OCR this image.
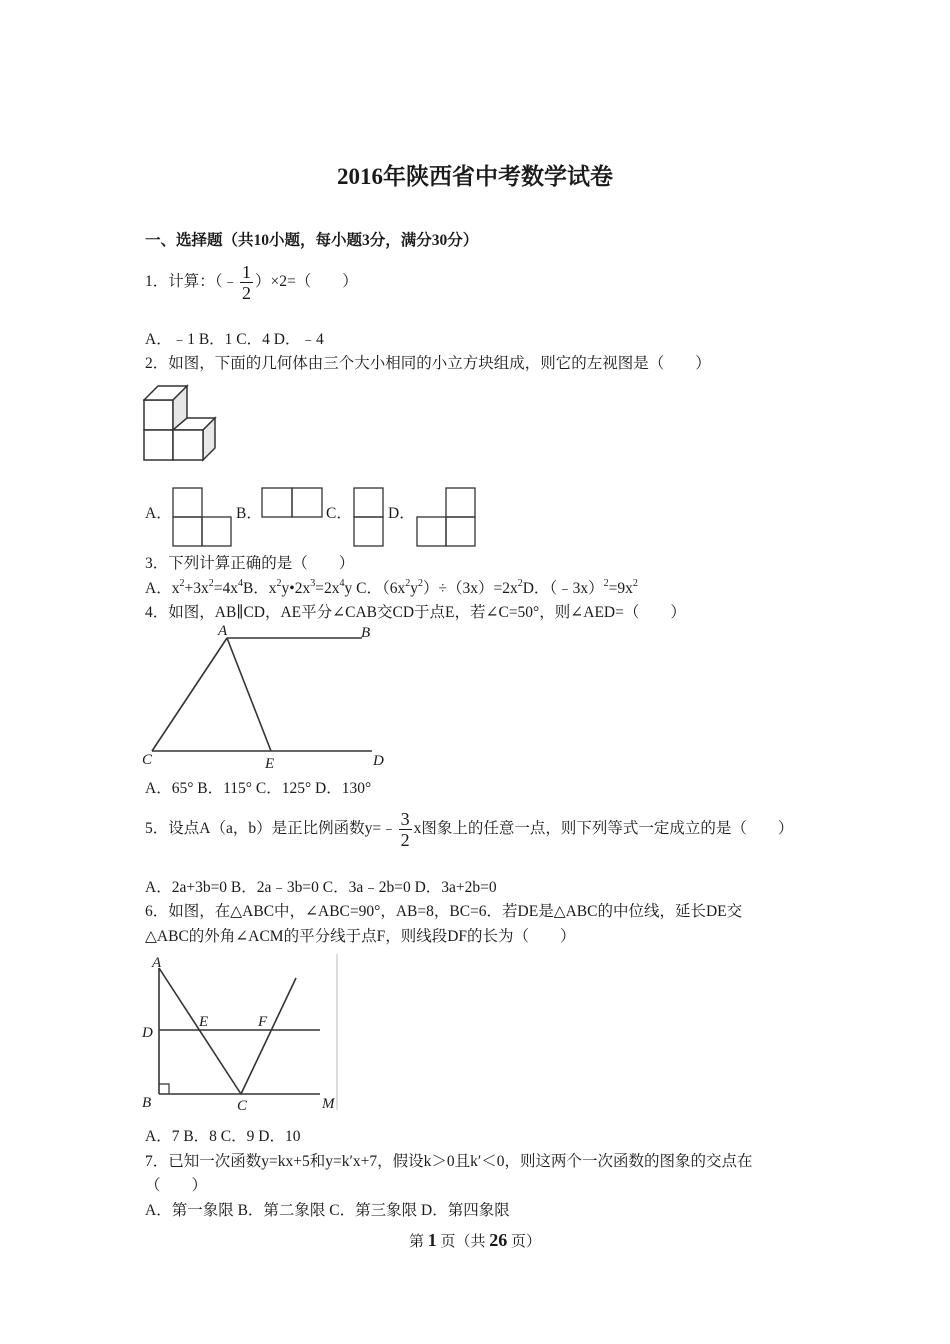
2016年陕西省中考数学试卷
一、选择题（共10小题，每小题3分，满分30分）
1．计算：（﹣ $\frac{1}{2} )\times 2=$（　　）
A．﹣1 B．1 C．4 D．﹣4
2．如图，下面的几何体由三个大小相同的小立方块组成，则它的左视图是（　　）
A．	B．	C． D．
3．下列计算正确的是（　　）
A．$x^2+3x^2=4x^4B$．$x^2y•2x^3=2x^4y$ C．$(6x^2y^2)\div(3x)=2x^2D$．$(﹣3x)^2=9x^2$
4．如图，AB∥CD，AE平分∠CAB交CD于点E，若∠C=50°，则∠AED=（　　）
A	B
C	D
E
A．65° B．115° C．125° D．130°
5．设点A（a，b）是正比例函数y=﹣ $\frac{3}{2}$ x图象上的任意一点，则下列等式一定成立的是（　　）
A．2a+3b=0 B．2a﹣3b=0 C．3a﹣2b=0 D．3a+2b=0
6．如图，在△ABC中，∠ABC=90°，AB=8，BC=6．若DE是△ABC的中位线，延长DE交
△ABC的外角∠ACM的平分线于点F，则线段DF的长为（　　）
A
D
E	F
B	C	M
A．7 B．8 C．9 D．10
7．已知一次函数y=kx+5和y=k′x+7，假设k＞0且k′＜0，则这两个一次函数的图象的交点在
（　　）
A．第一象限 B．第二象限 C．第三象限 D．第四象限
第 1 页（共 26 页）
